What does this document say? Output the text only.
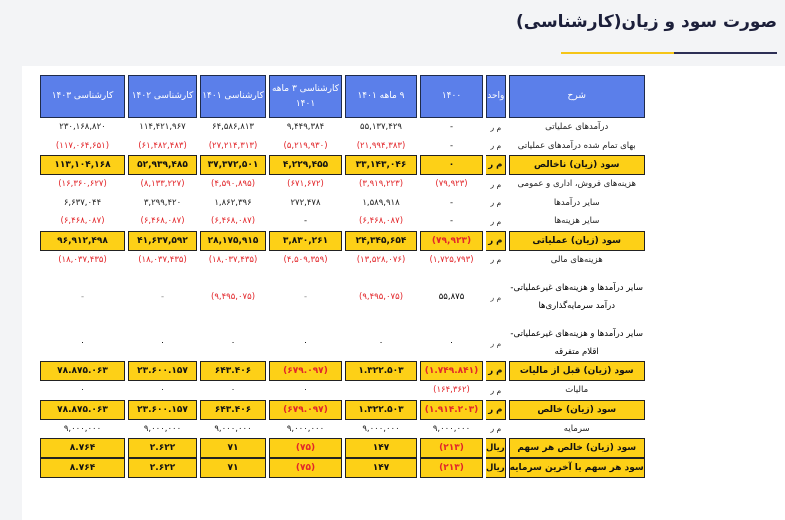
صورت سود و زیان(کارشناسی)
شرح	واحد	۱۴۰۰	۹ ماهه ۱۴۰۱	کارشناسی ۳ ماهه ۱۴۰۱	کارشناسی ۱۴۰۱	کارشناسی ۱۴۰۲	کارشناسی ۱۴۰۳
درآمدهای عملیاتی	م ر	-	۵۵,۱۳۷,۴۲۹	۹,۴۴۹,۳۸۴	۶۴,۵۸۶,۸۱۳	۱۱۴,۴۲۱,۹۶۷	۲۳۰,۱۶۸,۸۲۰
بهای تمام شده درآمدهای عملیاتی	م ر	-	(۲۱,۹۹۴,۳۸۳)	(۵,۲۱۹,۹۳۰)	(۲۷,۲۱۴,۳۱۳)	(۶۱,۴۸۲,۴۸۳)	(۱۱۷,۰۶۴,۶۵۱)
سود (زیان) ناخالص	م ر	۰	۳۳,۱۴۳,۰۴۶	۴,۲۲۹,۴۵۵	۳۷,۳۷۲,۵۰۱	۵۲,۹۳۹,۴۸۵	۱۱۳,۱۰۴,۱۶۸
هزینه‌های فروش، اداری و عمومی	م ر	(۷۹,۹۲۳)	(۳,۹۱۹,۲۲۳)	(۶۷۱,۶۷۲)	(۴,۵۹۰,۸۹۵)	(۸,۱۳۳,۲۲۷)	(۱۶,۳۶۰,۶۲۷)
سایر درآمدها	م ر	-	۱,۵۸۹,۹۱۸	۲۷۲,۴۷۸	۱,۸۶۲,۳۹۶	۳,۲۹۹,۴۲۰	۶,۶۳۷,۰۴۴
سایر هزینه‌ها	م ر	-	(۶,۴۶۸,۰۸۷)	-	(۶,۴۶۸,۰۸۷)	(۶,۴۶۸,۰۸۷)	(۶,۴۶۸,۰۸۷)
سود (زیان) عملیاتی	م ر	(۷۹,۹۲۳)	۲۴,۳۴۵,۶۵۴	۳,۸۳۰,۲۶۱	۲۸,۱۷۵,۹۱۵	۴۱,۶۳۷,۵۹۲	۹۶,۹۱۲,۴۹۸
هزینه‌های مالی	م ر	(۱,۷۲۵,۷۹۳)	(۱۳,۵۲۸,۰۷۶)	(۴,۵۰۹,۳۵۹)	(۱۸,۰۳۷,۴۳۵)	(۱۸,۰۳۷,۴۳۵)	(۱۸,۰۳۷,۴۳۵)
سایر درآمدها و هزینه‌های غیرعملیاتی- درآمد سرمایه‌گذاری‌ها	م ر	۵۵,۸۷۵	(۹,۴۹۵,۰۷۵)	-	(۹,۴۹۵,۰۷۵)	-	-
سایر درآمدها و هزینه‌های غیرعملیاتی- اقلام متفرقه	م ر	۰	۰	۰	۰	۰	۰
سود (زیان) قبل از مالیات	م ر	(۱.۷۴۹.۸۴۱)	۱.۳۲۲.۵۰۳	(۶۷۹.۰۹۷)	۶۴۳.۴۰۶	۲۳.۶۰۰.۱۵۷	۷۸.۸۷۵.۰۶۳
مالیات	م ر	(۱۶۴,۳۶۲)		۰	۰	۰	۰
سود (زیان) خالص	م ر	(۱.۹۱۴.۲۰۳)	۱.۳۲۲.۵۰۳	(۶۷۹.۰۹۷)	۶۴۳.۴۰۶	۲۳.۶۰۰.۱۵۷	۷۸.۸۷۵.۰۶۳
سرمایه	م ر	۹,۰۰۰,۰۰۰	۹,۰۰۰,۰۰۰	۹,۰۰۰,۰۰۰	۹,۰۰۰,۰۰۰	۹,۰۰۰,۰۰۰	۹,۰۰۰,۰۰۰
سود (زیان) خالص هر سهم	ریال	(۲۱۳)	۱۴۷	(۷۵)	۷۱	۲.۶۲۲	۸.۷۶۴
سود هر سهم با آخرین سرمایه	ریال	(۲۱۳)	۱۴۷	(۷۵)	۷۱	۲.۶۲۲	۸.۷۶۴
